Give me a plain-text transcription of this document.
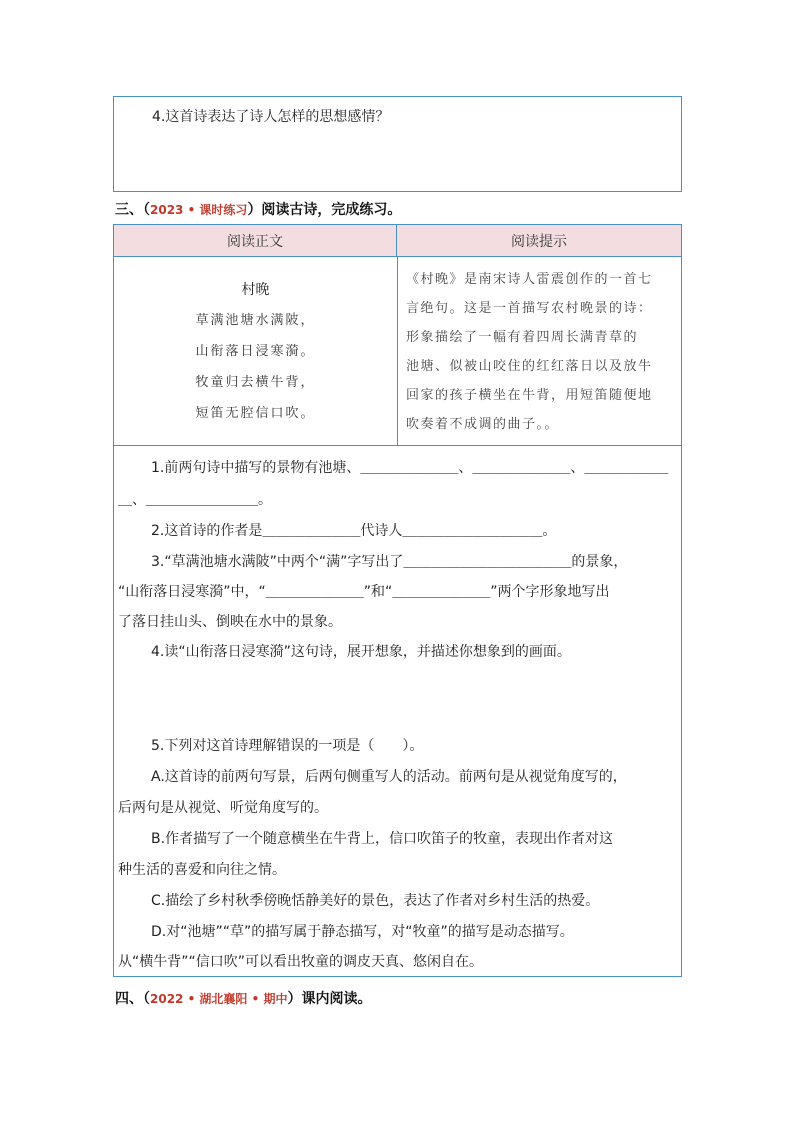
4.这首诗表达了诗人怎样的思想感情？
三、（2023 • 课时练习）阅读古诗，完成练习。
阅读正文	阅读提示
村晚
草满池塘水满陂，
山衔落日浸寒漪。
牧童归去横牛背，
短笛无腔信口吹。
《村晚》是南宋诗人雷震创作的一首七
言绝句。这是一首描写农村晚景的诗：
形象描绘了一幅有着四周长满青草的
池塘、似被山咬住的红红落日以及放牛
回家的孩子横坐在牛背，用短笛随便地
吹奏着不成调的曲子。。
1.前两句诗中描写的景物有池塘、＿＿＿＿＿＿＿、＿＿＿＿＿＿＿、＿＿＿＿＿＿
＿、＿＿＿＿＿＿＿＿。
2.这首诗的作者是＿＿＿＿＿＿＿代诗人＿＿＿＿＿＿＿＿＿＿。
3.“草满池塘水满陂”中两个“满”字写出了＿＿＿＿＿＿＿＿＿＿＿＿的景象，
“山衔落日浸寒漪”中，“＿＿＿＿＿＿＿”和“＿＿＿＿＿＿＿”两个字形象地写出
了落日挂山头、倒映在水中的景象。
4.读“山衔落日浸寒漪”这句诗，展开想象，并描述你想象到的画面。
5.下列对这首诗理解错误的一项是（　　）。
A.这首诗的前两句写景，后两句侧重写人的活动。前两句是从视觉角度写的，
后两句是从视觉、听觉角度写的。
B.作者描写了一个随意横坐在牛背上，信口吹笛子的牧童，表现出作者对这
种生活的喜爱和向往之情。
C.描绘了乡村秋季傍晚恬静美好的景色，表达了作者对乡村生活的热爱。
D.对“池塘”“草”的描写属于静态描写，对“牧童”的描写是动态描写。
从“横牛背”“信口吹”可以看出牧童的调皮天真、悠闲自在。
四、（2022 • 湖北襄阳 • 期中）课内阅读。
